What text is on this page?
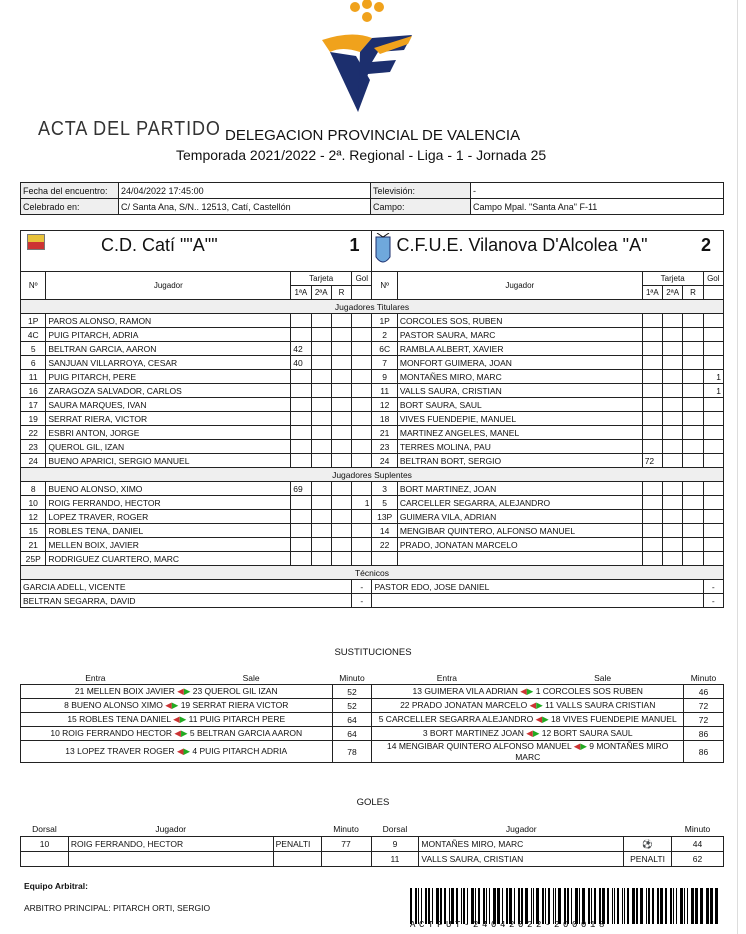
ACTA DEL PARTIDO DELEGACION PROVINCIAL DE VALENCIA
Temporada 2021/2022 - 2ª. Regional - Liga - 1 - Jornada 25
Fecha del encuentro:	24/04/2022 17:45:00	Televisión:	-
Celebrado en:	C/ Santa Ana, S/N.. 12513, Catí, Castellón	Campo:	Campo Mpal. "Santa Ana" F-11
C.D. Catí ""A"" 1						C.F.U.E. Vilanova D'Alcolea "A" 2					

Nº	Jugador	Tarjeta			Gol	Nº	Jugador	Tarjeta			Gol
		1ªA	2ªA	R				1ªA	2ªA	R	
Jugadores Titulares											
1P	PAROS ALONSO, RAMON					1P	CORCOLES SOS, RUBEN				
4C	PUIG PITARCH, ADRIA					2	PASTOR SAURA, MARC				
5	BELTRAN GARCIA, AARON	42				6C	RAMBLA ALBERT, XAVIER				
6	SANJUAN VILLARROYA, CESAR	40				7	MONFORT GUIMERA, JOAN				
11	PUIG PITARCH, PERE					9	MONTAÑES MIRO, MARC				1
16	ZARAGOZA SALVADOR, CARLOS					11	VALLS SAURA, CRISTIAN				1
17	SAURA MARQUES, IVAN					12	BORT SAURA, SAUL				
19	SERRAT RIERA, VICTOR					18	VIVES FUENDEPIE, MANUEL				
22	ESBRI ANTON, JORGE					21	MARTINEZ ANGELES, MANEL				
23	QUEROL GIL, IZAN					23	TERRES MOLINA, PAU				
24	BUENO APARICI, SERGIO MANUEL					24	BELTRAN BORT, SERGIO	72			
Jugadores Suplentes											
8	BUENO ALONSO, XIMO	69				3	BORT MARTINEZ, JOAN				
10	ROIG FERRANDO, HECTOR				1	5	CARCELLER SEGARRA, ALEJANDRO				
12	LOPEZ TRAVER, ROGER					13P	GUIMERA VILA, ADRIAN				
15	ROBLES TENA, DANIEL					14	MENGIBAR QUINTERO, ALFONSO MANUEL				
21	MELLEN BOIX, JAVIER					22	PRADO, JONATAN MARCELO				
25P	RODRIGUEZ CUARTERO, MARC										
Técnicos											
GARCIA ADELL, VICENTE					-	PASTOR EDO, JOSE DANIEL					-
BELTRAN SEGARRA, DAVID					-						-
SUSTITUCIONES
Entra	Sale	Minuto	Entra	Sale	Minuto
21 MELLEN BOIX JAVIER ◀▶ 23 QUEROL GIL IZAN		52	13 GUIMERA VILA ADRIAN ◀▶ 1 CORCOLES SOS RUBEN		46
8 BUENO ALONSO XIMO ◀▶ 19 SERRAT RIERA VICTOR		52	22 PRADO JONATAN MARCELO ◀▶ 11 VALLS SAURA CRISTIAN		72
15 ROBLES TENA DANIEL ◀▶ 11 PUIG PITARCH PERE		64	5 CARCELLER SEGARRA ALEJANDRO ◀▶ 18 VIVES FUENDEPIE MANUEL		72
10 ROIG FERRANDO HECTOR ◀▶ 5 BELTRAN GARCIA AARON		64	3 BORT MARTINEZ JOAN ◀▶ 12 BORT SAURA SAUL		86
13 LOPEZ TRAVER ROGER ◀▶ 4 PUIG PITARCH ADRIA		78	14 MENGIBAR QUINTERO ALFONSO MANUEL ◀▶ 9 MONTAÑES MIRO MARC		86
GOLES
Dorsal	Jugador		Minuto	Dorsal	Jugador		Minuto
10	ROIG FERRANDO, HECTOR	PENALTI	77	9	MONTAÑES MIRO, MARC	⚽	44
				11	VALLS SAURA, CRISTIAN	PENALTI	62
Equipo Arbitral:
ARBITRO PRINCIPAL: PITARCH ORTI, SERGIO
ACTFUT-24042022-200018
